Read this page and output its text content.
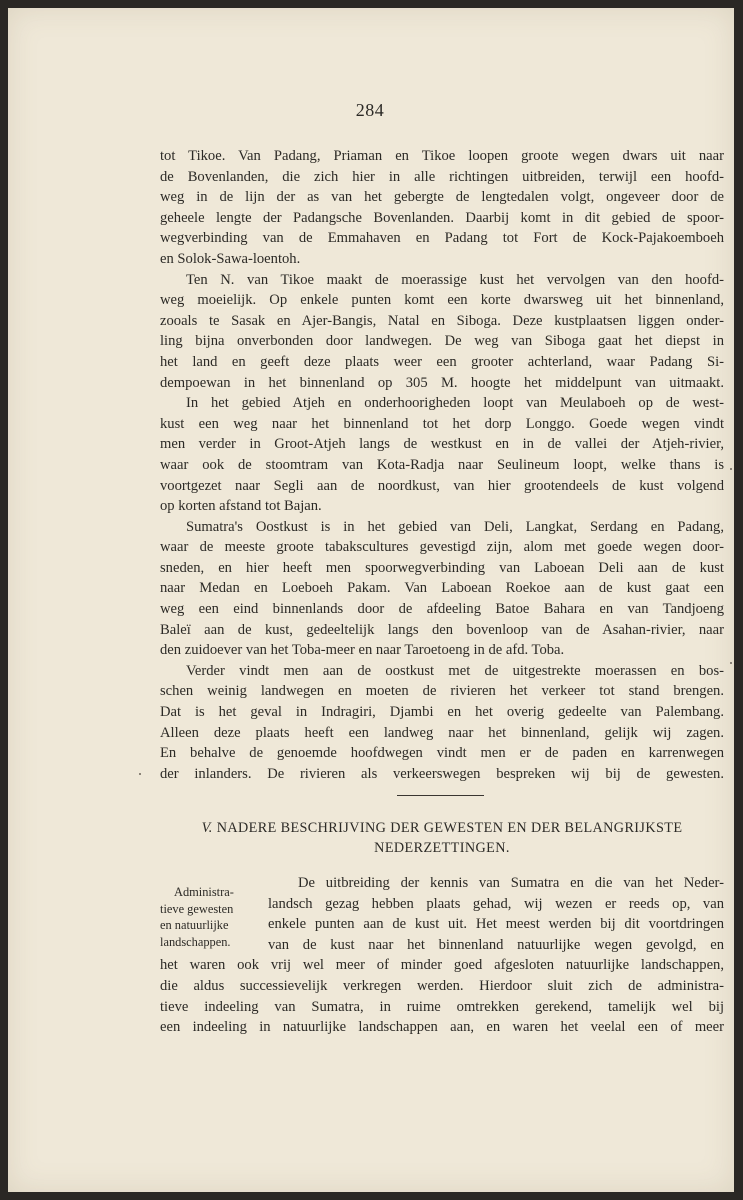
284
tot Tikoe. Van Padang, Priaman en Tikoe loopen groote wegen dwars uit naar
de Bovenlanden, die zich hier in alle richtingen uitbreiden, terwijl een hoofd-
weg in de lijn der as van het gebergte de lengtedalen volgt, ongeveer door de
geheele lengte der Padangsche Bovenlanden. Daarbij komt in dit gebied de spoor-
wegverbinding van de Emmahaven en Padang tot Fort de Kock-Pajakoemboeh
en Solok-Sawa-loentoh.
Ten N. van Tikoe maakt de moerassige kust het vervolgen van den hoofd-
weg moeielijk. Op enkele punten komt een korte dwarsweg uit het binnenland,
zooals te Sasak en Ajer-Bangis, Natal en Siboga. Deze kustplaatsen liggen onder-
ling bijna onverbonden door landwegen. De weg van Siboga gaat het diepst in
het land en geeft deze plaats weer een grooter achterland, waar Padang Si-
dempoewan in het binnenland op 305 M. hoogte het middelpunt van uitmaakt.
In het gebied Atjeh en onderhoorigheden loopt van Meulaboeh op de west-
kust een weg naar het binnenland tot het dorp Longgo. Goede wegen vindt
men verder in Groot-Atjeh langs de westkust en in de vallei der Atjeh-rivier,
waar ook de stoomtram van Kota-Radja naar Seulineum loopt, welke thans is
voortgezet naar Segli aan de noordkust, van hier grootendeels de kust volgend
op korten afstand tot Bajan.
Sumatra's Oostkust is in het gebied van Deli, Langkat, Serdang en Padang,
waar de meeste groote tabakscultures gevestigd zijn, alom met goede wegen door-
sneden, en hier heeft men spoorwegverbinding van Laboean Deli aan de kust
naar Medan en Loeboeh Pakam. Van Laboean Roekoe aan de kust gaat een
weg een eind binnenlands door de afdeeling Batoe Bahara en van Tandjoeng
Baleï aan de kust, gedeeltelijk langs den bovenloop van de Asahan-rivier, naar
den zuidoever van het Toba-meer en naar Taroetoeng in de afd. Toba.
Verder vindt men aan de oostkust met de uitgestrekte moerassen en bos-
schen weinig landwegen en moeten de rivieren het verkeer tot stand brengen.
Dat is het geval in Indragiri, Djambi en het overig gedeelte van Palembang.
Alleen deze plaats heeft een landweg naar het binnenland, gelijk wij zagen.
En behalve de genoemde hoofdwegen vindt men er de paden en karrenwegen
der inlanders. De rivieren als verkeerswegen bespreken wij bij de gewesten.
V. NADERE BESCHRIJVING DER GEWESTEN EN DER BELANGRIJKSTE
NEDERZETTINGEN.
Administra-
tieve gewesten
en natuurlijke
landschappen.
De uitbreiding der kennis van Sumatra en die van het Neder-
landsch gezag hebben plaats gehad, wij wezen er reeds op, van
enkele punten aan de kust uit. Het meest werden bij dit voortdringen
van de kust naar het binnenland natuurlijke wegen gevolgd, en
het waren ook vrij wel meer of minder goed afgesloten natuurlijke landschappen,
die aldus successievelijk verkregen werden. Hierdoor sluit zich de administra-
tieve indeeling van Sumatra, in ruime omtrekken gerekend, tamelijk wel bij
een indeeling in natuurlijke landschappen aan, en waren het veelal een of meer
